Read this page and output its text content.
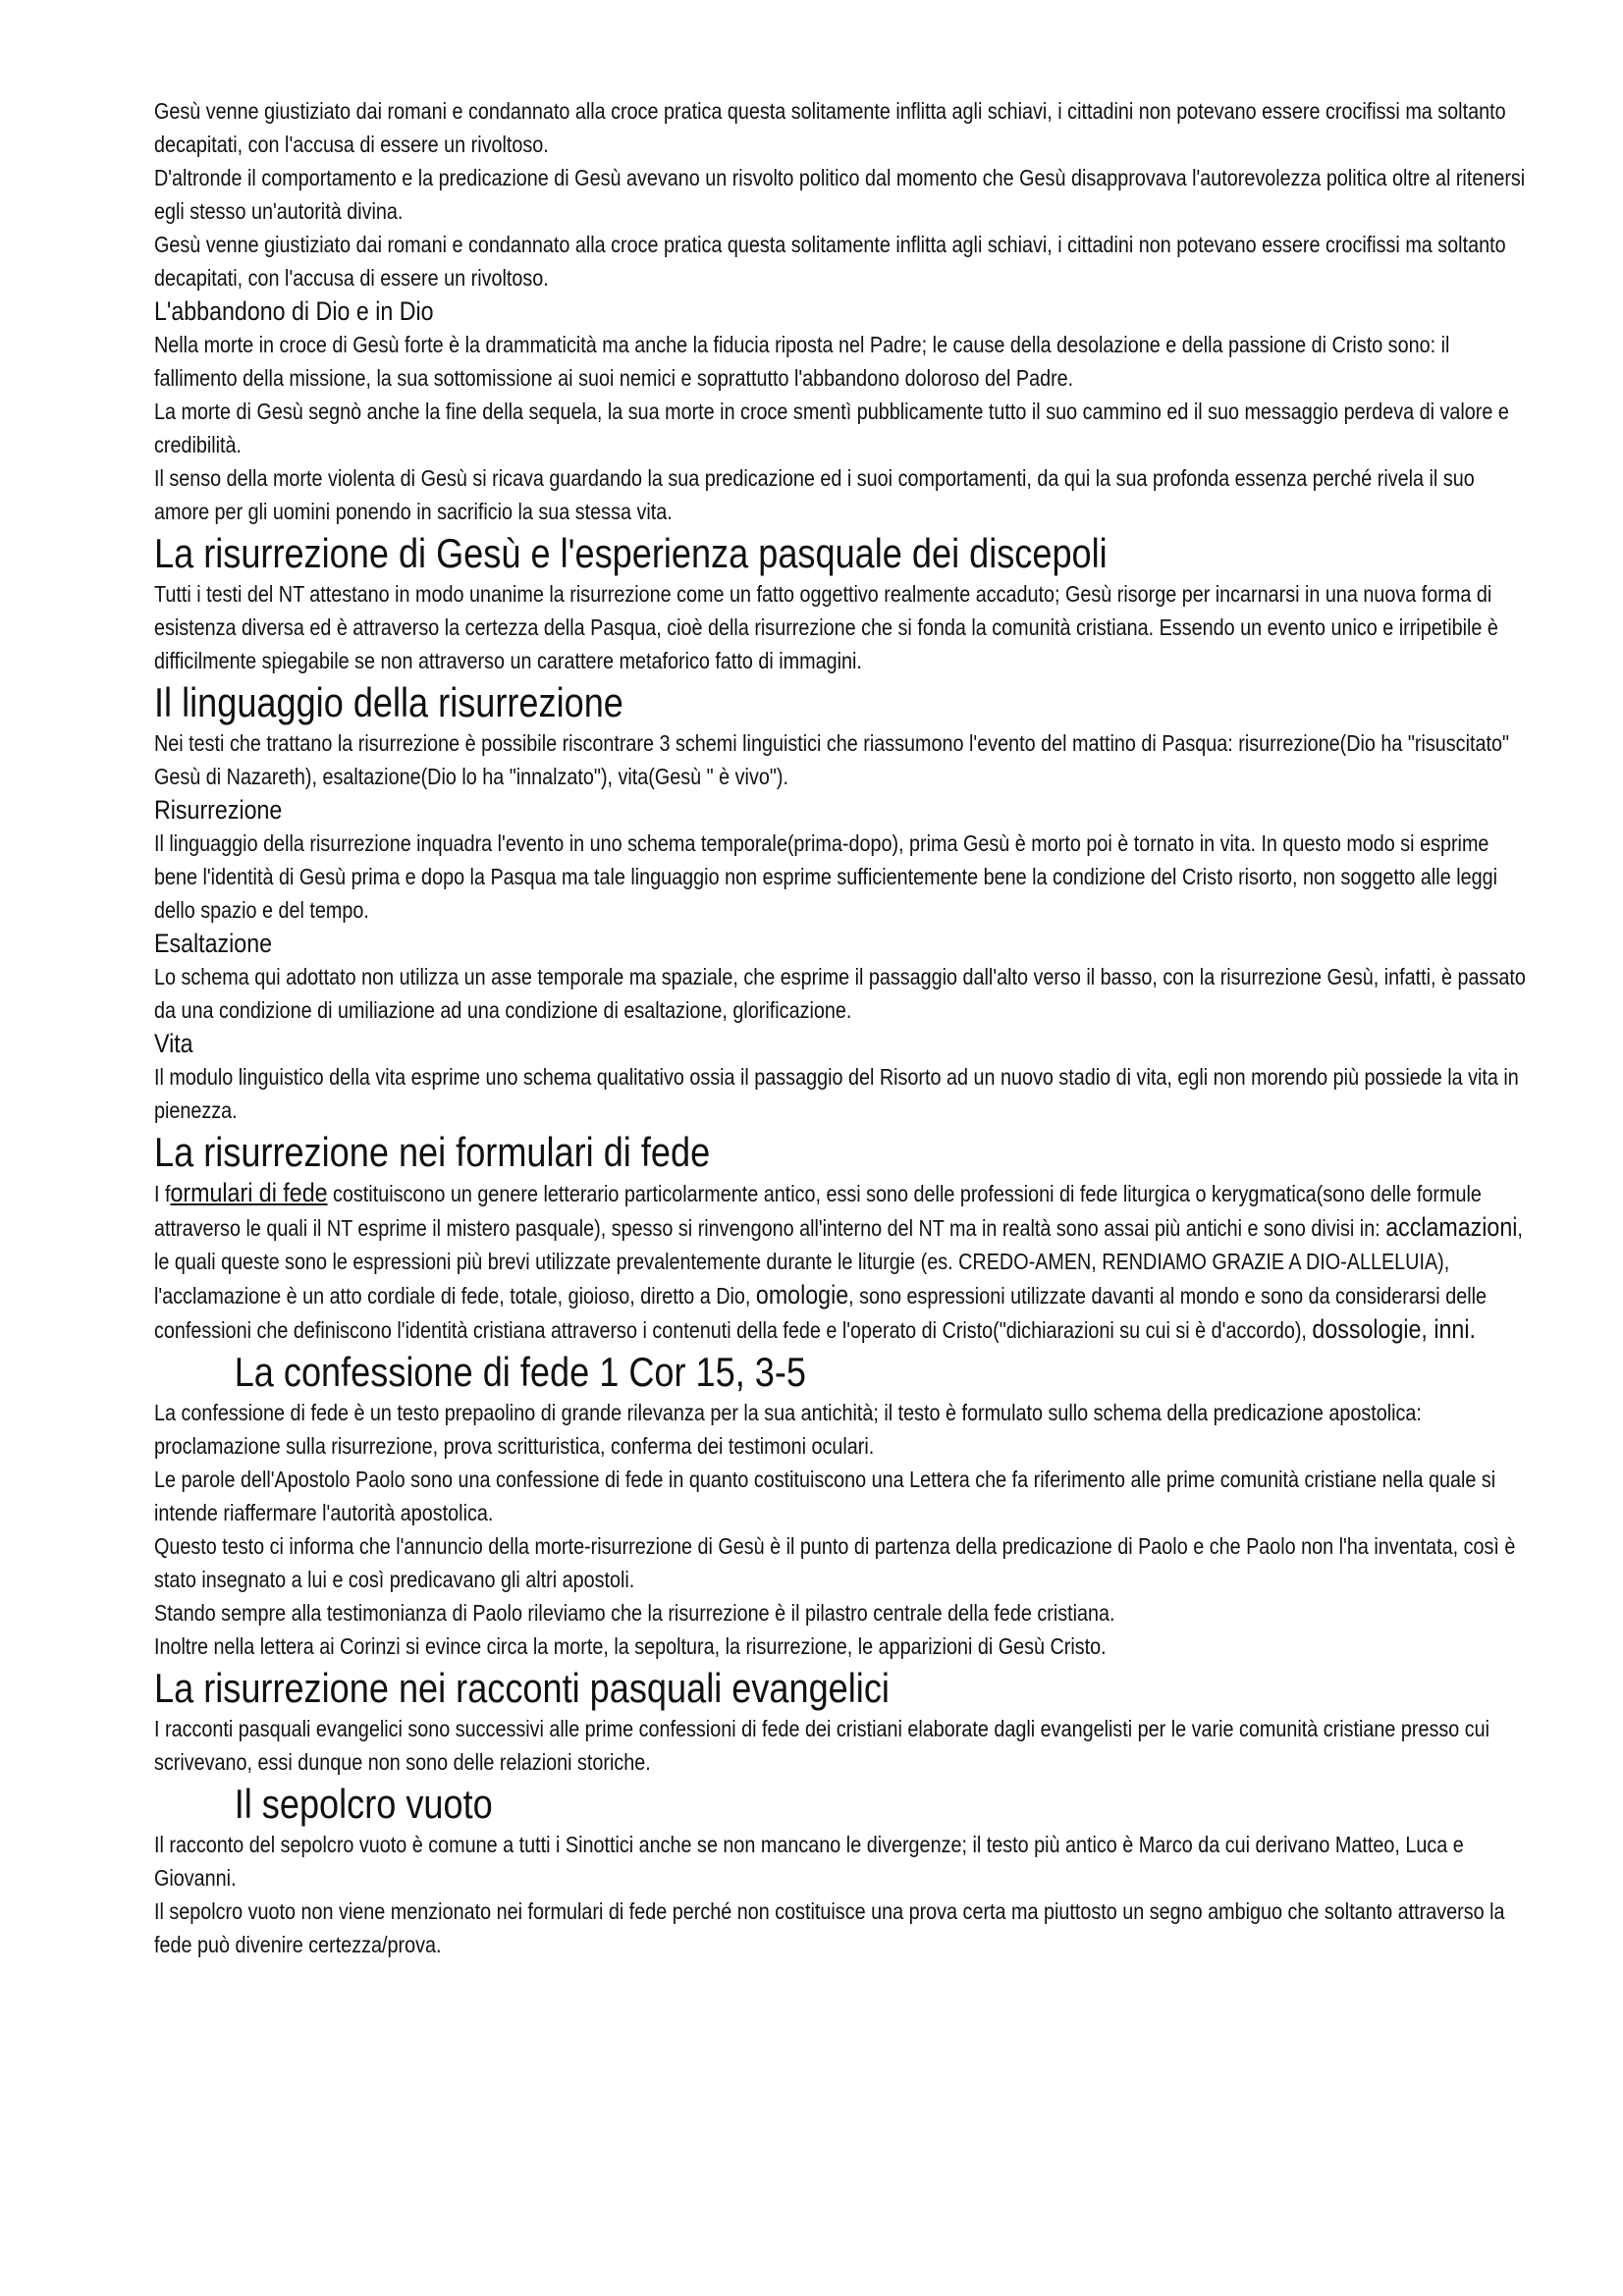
Gesù venne giustiziato dai romani e condannato alla croce pratica questa solitamente inflitta agli schiavi, i cittadini non potevano essere crocifissi ma soltanto decapitati, con l'accusa di essere un rivoltoso.

D'altronde il comportamento e la predicazione di Gesù avevano un risvolto politico dal momento che Gesù disapprovava l'autorevolezza politica oltre al ritenersi egli stesso un'autorità divina.

Gesù venne giustiziato dai romani e condannato alla croce pratica questa solitamente inflitta agli schiavi, i cittadini non potevano essere crocifissi ma soltanto decapitati, con l'accusa di essere un rivoltoso.

L'abbandono di Dio e in Dio

Nella morte in croce di Gesù forte è la drammaticità ma anche la fiducia riposta nel Padre; le cause della desolazione e della passione di Cristo sono: il fallimento della missione, la sua sottomissione ai suoi nemici e soprattutto l'abbandono doloroso del Padre.

La morte di Gesù segnò anche la fine della sequela, la sua morte in croce smentì pubblicamente tutto il suo cammino ed il suo messaggio perdeva di valore e credibilità.

Il senso della morte violenta di Gesù si ricava guardando la sua predicazione ed i suoi comportamenti, da qui la sua profonda essenza perché rivela il suo amore per gli uomini ponendo in sacrificio la sua stessa vita.

La risurrezione di Gesù e l'esperienza pasquale dei discepoli

Tutti i testi del NT attestano in modo unanime la risurrezione come un fatto oggettivo realmente accaduto; Gesù risorge per incarnarsi in una nuova forma di esistenza diversa ed è attraverso la certezza della Pasqua, cioè della risurrezione che si fonda la comunità cristiana. Essendo un evento unico e irripetibile è difficilmente spiegabile se non attraverso un carattere metaforico fatto di immagini.

Il linguaggio della risurrezione

Nei testi che trattano la risurrezione è possibile riscontrare 3 schemi linguistici che riassumono l'evento del mattino di Pasqua: risurrezione(Dio ha "risuscitato" Gesù di Nazareth), esaltazione(Dio lo ha "innalzato"), vita(Gesù " è vivo").

Risurrezione

Il linguaggio della risurrezione inquadra l'evento in uno schema temporale(prima-dopo), prima Gesù è morto poi è tornato in vita. In questo modo si esprime bene l'identità di Gesù prima e dopo la Pasqua ma tale linguaggio non esprime sufficientemente bene la condizione del Cristo risorto, non soggetto alle leggi dello spazio e del tempo.

Esaltazione

Lo schema qui adottato non utilizza un asse temporale ma spaziale, che esprime il passaggio dall'alto verso il basso, con la risurrezione Gesù, infatti, è passato da una condizione di umiliazione ad una condizione di esaltazione, glorificazione.

Vita

Il modulo linguistico della vita esprime uno schema qualitativo ossia il passaggio del Risorto ad un nuovo stadio di vita, egli non morendo più possiede la vita in pienezza.

La risurrezione nei formulari di fede

I formulari di fede costituiscono un genere letterario particolarmente antico, essi sono delle professioni di fede liturgica o kerygmatica(sono delle formule attraverso le quali il NT esprime il mistero pasquale), spesso si rinvengono all'interno del NT ma in realtà sono assai più antichi e sono divisi in: acclamazioni, le quali queste sono le espressioni più brevi utilizzate prevalentemente durante le liturgie (es. CREDO-AMEN, RENDIAMO GRAZIE A DIO-ALLELUIA), l'acclamazione è un atto cordiale di fede, totale, gioioso, diretto a Dio, omologie, sono espressioni utilizzate davanti al mondo e sono da considerarsi delle confessioni che definiscono l'identità cristiana attraverso i contenuti della fede e l'operato di Cristo("dichiarazioni su cui si è d'accordo), dossologie, inni.

La confessione di fede 1 Cor 15, 3-5

La confessione di fede è un testo prepaolino di grande rilevanza per la sua antichità; il testo è formulato sullo schema della predicazione apostolica: proclamazione sulla risurrezione, prova scritturistica, conferma dei testimoni oculari.

Le parole dell'Apostolo Paolo sono una confessione di fede in quanto costituiscono una Lettera che fa riferimento alle prime comunità cristiane nella quale si intende riaffermare l'autorità apostolica.

Questo testo ci informa che l'annuncio della morte-risurrezione di Gesù è il punto di partenza della predicazione di Paolo e che Paolo non l'ha inventata, così è stato insegnato a lui e così predicavano gli altri apostoli.

Stando sempre alla testimonianza di Paolo rileviamo che la risurrezione è il pilastro centrale della fede cristiana.

Inoltre nella lettera ai Corinzi si evince circa la morte, la sepoltura, la risurrezione, le apparizioni di Gesù Cristo.

La risurrezione nei racconti pasquali evangelici

I racconti pasquali evangelici sono successivi alle prime confessioni di fede dei cristiani elaborate dagli evangelisti per le varie comunità cristiane presso cui scrivevano, essi dunque non sono delle relazioni storiche.

Il sepolcro vuoto

Il racconto del sepolcro vuoto è comune a tutti i Sinottici anche se non mancano le divergenze; il testo più antico è Marco da cui derivano Matteo, Luca e Giovanni.

Il sepolcro vuoto non viene menzionato nei formulari di fede perché non costituisce una prova certa ma piuttosto un segno ambiguo che soltanto attraverso la fede può divenire certezza/prova.
